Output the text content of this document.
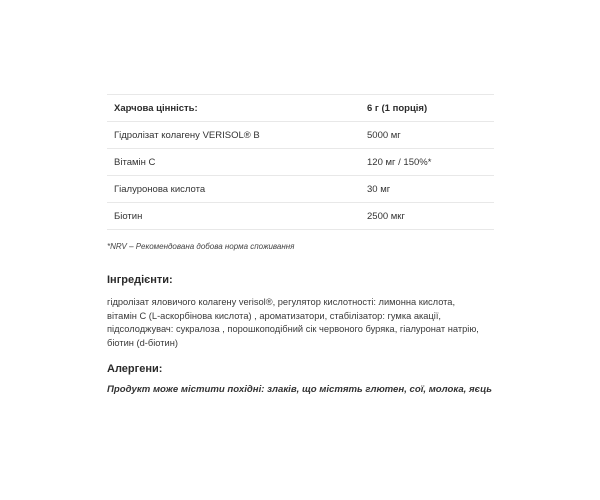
Харчова цінність:	6 г (1 порція)
Гідролізат колагену VERISOL® B	5000 мг
Вітамін С	120 мг / 150%*
Гіалуронова кислота	30 мг
Біотин	2500 мкг
*NRV – Рекомендована добова норма споживання
Інгредієнти:
гідролізат яловичого колагену verisol®, регулятор кислотності: лимонна кислота,
вітамін С (L-аскорбінова кислота) , ароматизатори, стабілізатор: гумка акації,
підсолоджувач: сукралоза , порошкоподібний сік червоного буряка, гіалуронат натрію,
біотин (d-біотин)
Алергени:
Продукт може містити похідні: злаків, що містять глютен, сої, молока, яєць
